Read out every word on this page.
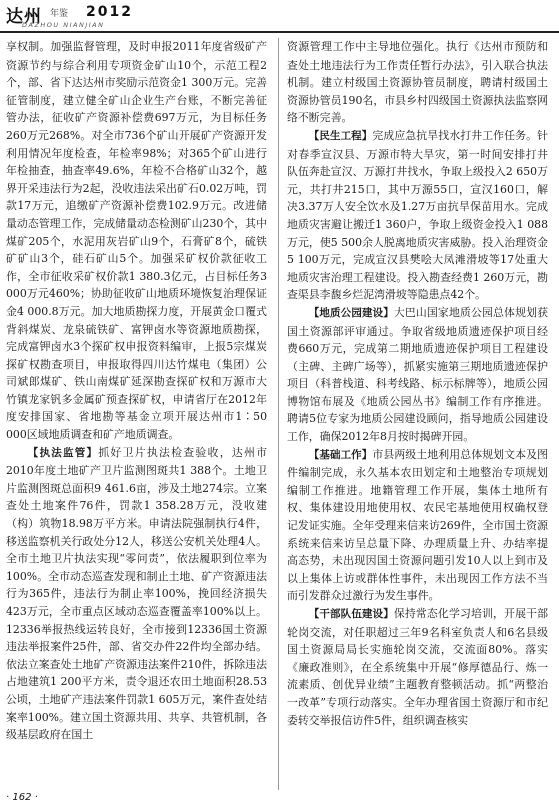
达州 年鉴 2012
DAZHOU NIANJIAN

享权制。加强监督管理，及时申报2011年度省级矿产资源节约与综合利用专项资金矿山10个，示范工程2个，部、省下达达州市奖励示范资金1 300万元。完善征管制度，建立健全矿山企业生产台账，不断完善征管办法，征收矿产资源补偿费697万元，为目标任务260万元268%。对全市736个矿山开展矿产资源开发利用情况年度检查，年检率98%；对365个矿山进行年检抽查，抽查率49.6%，年检不合格矿山32个，越界开采违法行为2起，没收违法采出矿石0.02万吨，罚款17万元，追缴矿产资源补偿费102.9万元。改进储量动态管理工作，完成储量动态检测矿山230个，其中煤矿205个，水泥用灰岩矿山9个，石膏矿8个，硫铁矿矿山3个，硅石矿山5个。加强采矿权价款征收工作，全市征收采矿权价款1 380.3亿元，占目标任务3 000万元460%；协助征收矿山地质环境恢复治理保证金4 000.8万元。加大地质勘探力度，开展黄金口覆式背斜煤炭、龙泉硫铁矿、富钾卤水等资源地质勘探，完成富钾卤水3个探矿权申报资料编审，上报5宗煤炭探矿权勘查项目，申报取得四川达竹煤电（集团）公司斌郎煤矿、铁山南煤矿延深勘查探矿权和万源市大竹镇龙家钒多金属矿预查探矿权，申请省厅在2012年度安排国家、省地勘等基金立项开展达州市1∶50 000区域地质调查和矿产地质调查。

【执法监管】抓好卫片执法检查验收，达州市2010年度土地矿产卫片监测图斑共1 388个。土地卫片监测图斑总面积9 461.6亩，涉及土地274宗。立案查处土地案件76件，罚款1 358.28万元，没收建（构）筑物18.98万平方米。申请法院强制执行4件，移送监察机关行政处分12人，移送公安机关处理4人。全市土地卫片执法实现“零问责”，依法履职到位率为100%。全市动态巡查发现和制止土地、矿产资源违法行为365件，违法行为制止率100%，挽回经济损失423万元，全市重点区域动态巡查覆盖率100%以上。12336举报热线运转良好，全市接到12336国土资源违法举报案件25件，部、省交办件22件均全部办结。依法立案查处土地矿产资源违法案件210件，拆除违法占地建筑1 200平方米，责令退还农田土地面积28.53公顷，土地矿产违法案件罚款1 605万元，案件查处结案率100%。建立国土资源共用、共享、共管机制，各级基层政府在国土

资源管理工作中主导地位强化。执行《达州市预防和查处土地违法行为工作责任暂行办法》，引入联合执法机制。建立村级国土资源协管员制度，聘请村级国土资源协管员190名，市县乡村四级国土资源执法监察网络不断完善。

【民生工程】完成应急抗旱找水打井工作任务。针对春季宣汉县、万源市特大旱灾，第一时间安排打井队伍奔赴宣汉、万源打井找水，争取上级投入2 650万元，共打井215口，其中万源55口，宣汉160口，解决3.37万人安全饮水及1.27万亩抗旱保苗用水。完成地质灾害避让搬迁1 360户，争取上级资金投入1 088万元，使5 500余人脱离地质灾害威胁。投入治理资金5 100万元，完成宣汉县樊哙大凤滩滑坡等17处重大地质灾害治理工程建设。投入勘查经费1 260万元，勘查渠县李馥乡烂泥湾滑坡等隐患点42个。

【地质公园建设】大巴山国家地质公园总体规划获国土资源部评审通过。争取省级地质遗迹保护项目经费660万元，完成第二期地质遗迹保护项目工程建设（主碑、主碑广场等），抓紧实施第三期地质遗迹保护项目（科普栈道、科考线路、标示标牌等），地质公园博物馆布展及《地质公园丛书》编制工作有序推进。聘请5位专家为地质公园建设顾问，指导地质公园建设工作，确保2012年8月按时揭碑开园。

【基础工作】市县两级土地利用总体规划文本及图件编制完成，永久基本农田划定和土地整治专项规划编制工作推进。地籍管理工作开展，集体土地所有权、集体建设用地使用权、农民宅基地使用权确权登记发证实施。全年受理来信来访269件，全市国土资源系统来信来访呈总量下降、办理质量上升、办结率提高态势，未出现因国土资源问题引发10人以上到市及以上集体上访或群体性事件，未出现因工作方法不当而引发群众过激行为发生事件。

【干部队伍建设】保持常态化学习培训，开展干部轮岗交流，对任职超过三年9名科室负责人和6名县级国土资源局局长实施轮岗交流，交流面80%。落实《廉政准则》，在全系统集中开展“修厚德品行、炼一流素质、创优异业绩”主题教育整顿活动。抓“两整治一改革”专项行动落实。全年办理省国土资源厅和市纪委转交举报信访件5件，组织调查核实

· 162 ·
